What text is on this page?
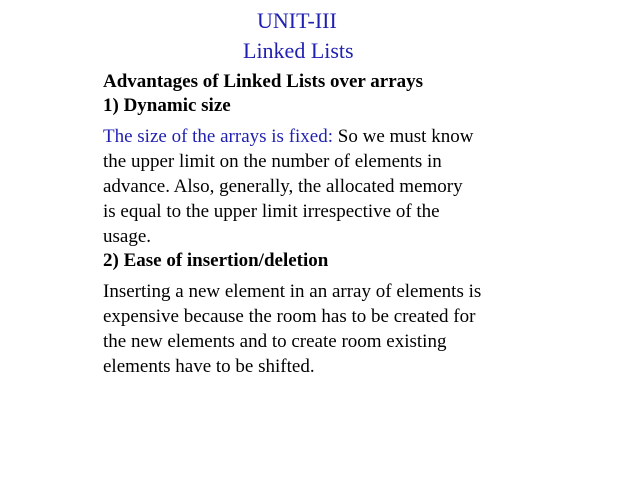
UNIT-III
Linked Lists

Advantages of Linked Lists over arrays

1) Dynamic size

The size of the arrays is fixed: So we must know
the upper limit on the number of elements in
advance. Also, generally, the allocated memory
is equal to the upper limit irrespective of the
usage.

2) Ease of insertion/deletion

Inserting a new element in an array of elements is
expensive because the room has to be created for
the new elements and to create room existing
elements have to be shifted.
